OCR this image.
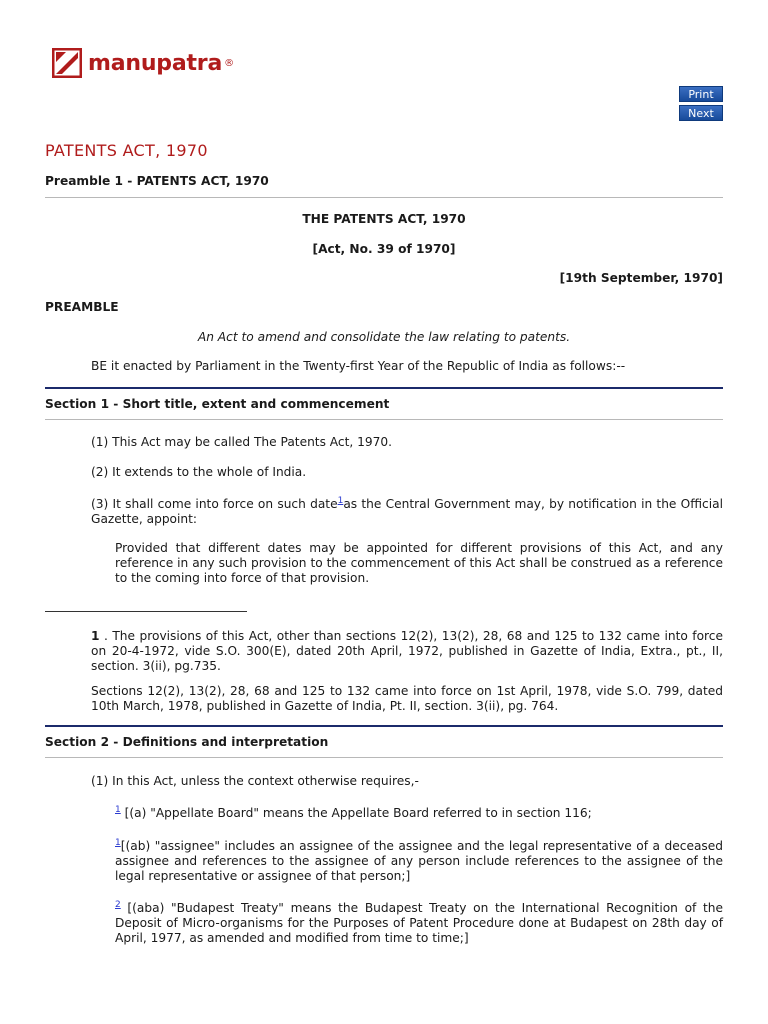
manupatra ®
Print
Next
PATENTS ACT, 1970
Preamble 1 - PATENTS ACT, 1970
THE PATENTS ACT, 1970
[Act, No. 39 of 1970]
[19th September, 1970]
PREAMBLE
An Act to amend and consolidate the law relating to patents.
BE it enacted by Parliament in the Twenty-first Year of the Republic of India as follows:--
Section 1 - Short title, extent and commencement
(1) This Act may be called The Patents Act, 1970.
(2) It extends to the whole of India.
(3) It shall come into force on such date$^1$as the Central Government may, by notification in the Official Gazette, appoint:
Provided that different dates may be appointed for different provisions of this Act, and any reference in any such provision to the commencement of this Act shall be construed as a reference to the coming into force of that provision.
1 . The provisions of this Act, other than sections 12(2), 13(2), 28, 68 and 125 to 132 came into force on 20-4-1972, vide S.O. 300(E), dated 20th April, 1972, published in Gazette of India, Extra., pt., II, section. 3(ii), pg.735.
Sections 12(2), 13(2), 28, 68 and 125 to 132 came into force on 1st April, 1978, vide S.O. 799, dated 10th March, 1978, published in Gazette of India, Pt. II, section. 3(ii), pg. 764.
Section 2 - Definitions and interpretation
(1) In this Act, unless the context otherwise requires,-
$^1$ [(a) "Appellate Board" means the Appellate Board referred to in section 116;
$^1$[(ab) "assignee" includes an assignee of the assignee and the legal representative of a deceased assignee and references to the assignee of any person include references to the assignee of the legal representative or assignee of that person;]
$^2$ [(aba) "Budapest Treaty" means the Budapest Treaty on the International Recognition of the Deposit of Micro-organisms for the Purposes of Patent Procedure done at Budapest on 28th day of April, 1977, as amended and modified from time to time;]
